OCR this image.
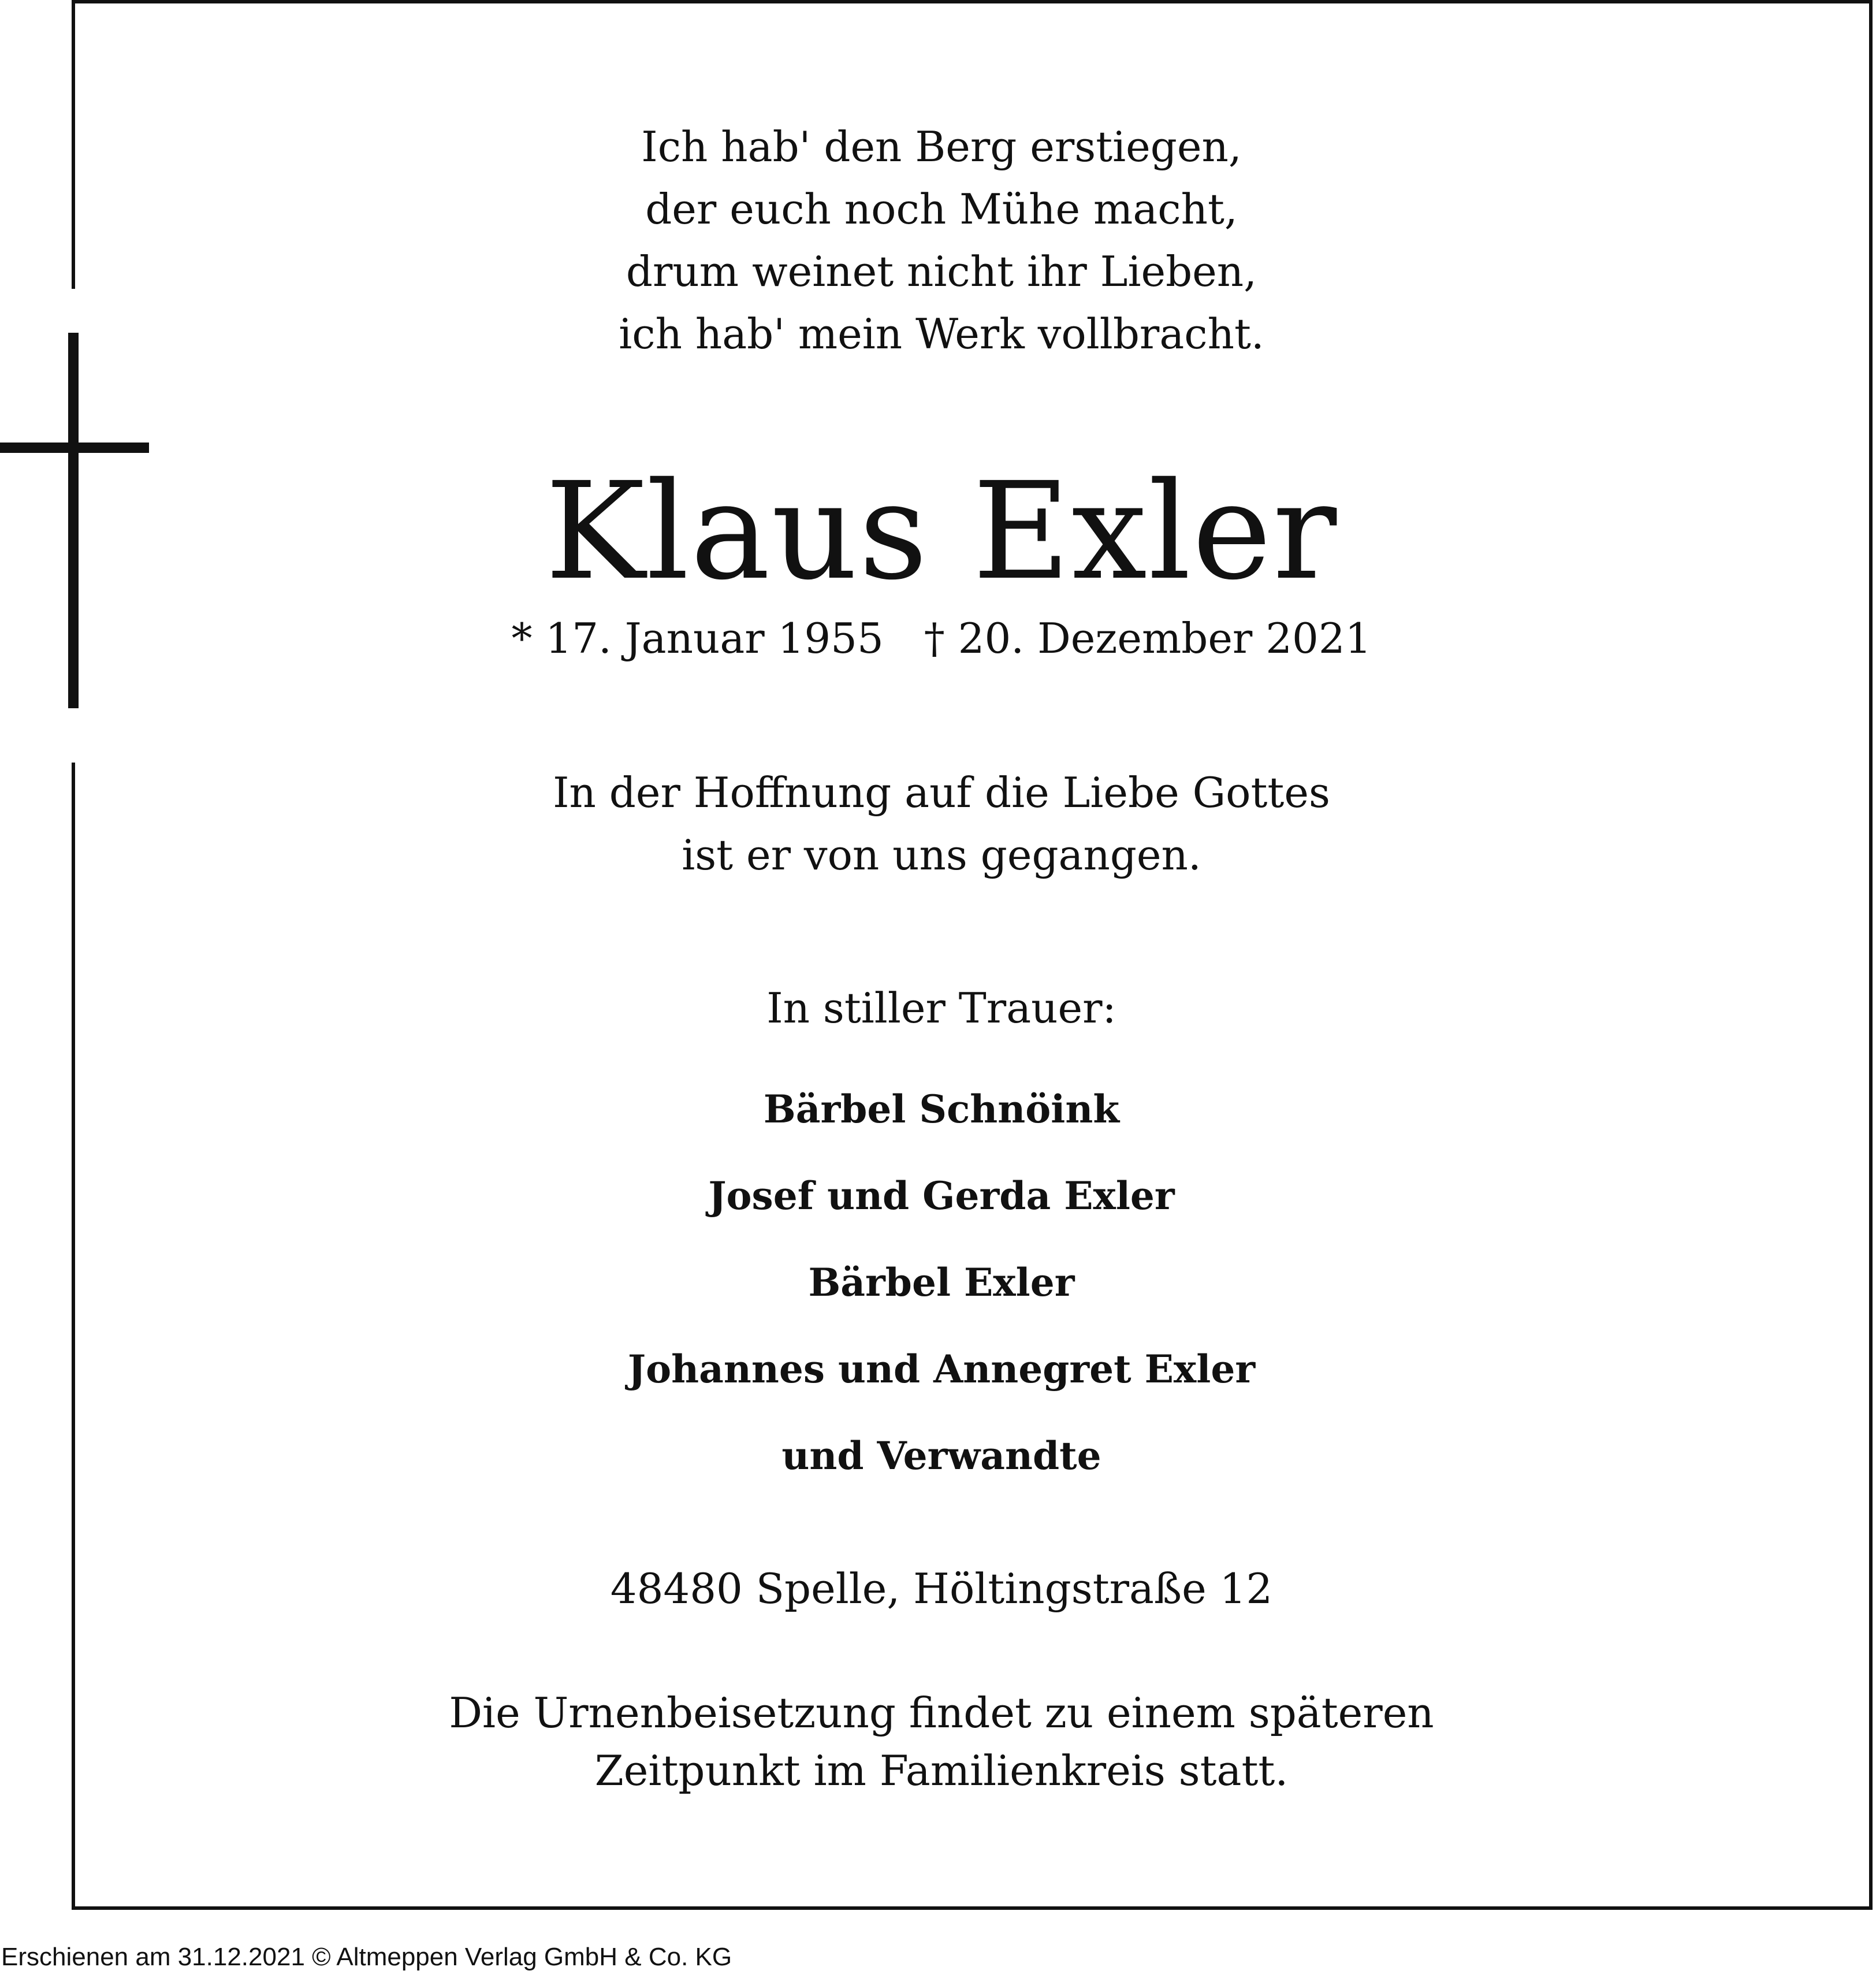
Ich hab' den Berg erstiegen,
der euch noch Mühe macht,
drum weinet nicht ihr Lieben,
ich hab' mein Werk vollbracht.
Klaus Exler
* 17. Januar 1955 † 20. Dezember 2021
In der Hoffnung auf die Liebe Gottes
ist er von uns gegangen.
In stiller Trauer:
Bärbel Schnöink
Josef und Gerda Exler
Bärbel Exler
Johannes und Annegret Exler
und Verwandte
48480 Spelle, Höltingstraße 12
Die Urnenbeisetzung findet zu einem späteren
Zeitpunkt im Familienkreis statt.
Erschienen am 31.12.2021 © Altmeppen Verlag GmbH & Co. KG
